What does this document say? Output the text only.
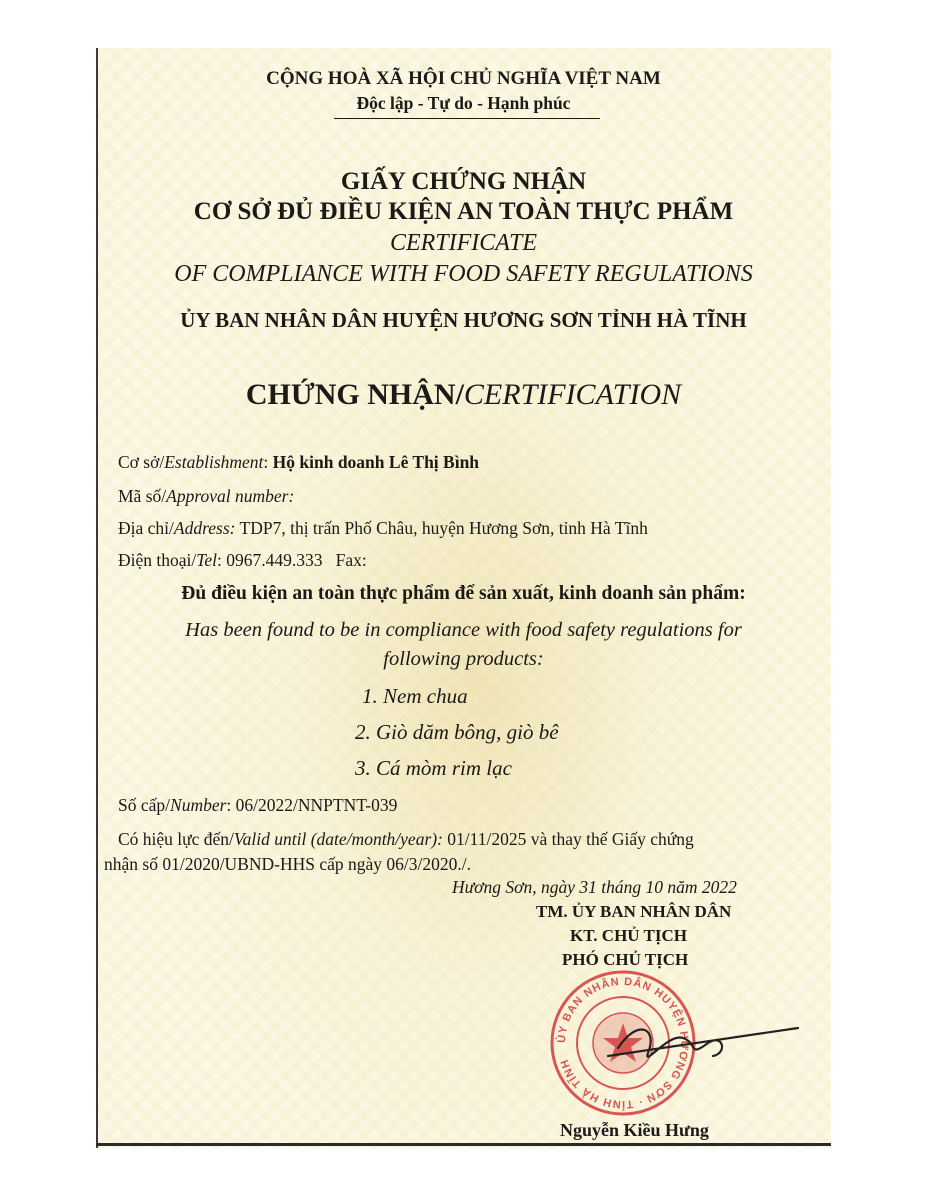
CỘNG HOÀ XÃ HỘI CHỦ NGHĨA VIỆT NAM
Độc lập - Tự do - Hạnh phúc
GIẤY CHỨNG NHẬN
CƠ SỞ ĐỦ ĐIỀU KIỆN AN TOÀN THỰC PHẨM
CERTIFICATE
OF COMPLIANCE WITH FOOD SAFETY REGULATIONS
ỦY BAN NHÂN DÂN HUYỆN HƯƠNG SƠN TỈNH HÀ TĨNH
CHỨNG NHẬN/CERTIFICATION
Cơ sở/Establishment: Hộ kinh doanh Lê Thị Bình
Mã số/Approval number:
Địa chỉ/Address: TDP7, thị trấn Phố Châu, huyện Hương Sơn, tỉnh Hà Tĩnh
Điện thoại/Tel: 0967.449.333 Fax:
Đủ điều kiện an toàn thực phẩm để sản xuất, kinh doanh sản phẩm:
Has been found to be in compliance with food safety regulations for
following products:
1. Nem chua
2. Giò dăm bông, giò bê
3. Cá mòm rim lạc
Số cấp/Number: 06/2022/NNPTNT-039
Có hiệu lực đến/Valid until (date/month/year): 01/11/2025 và thay thế Giấy chứng
nhận số 01/2020/UBND-HHS cấp ngày 06/3/2020./.
Hương Sơn, ngày 31 tháng 10 năm 2022
TM. ỦY BAN NHÂN DÂN
KT. CHỦ TỊCH
PHÓ CHỦ TỊCH
ỦY BAN NHÂN DÂN HUYỆN HƯƠNG SƠN · TỈNH HÀ TĨNH
Nguyễn Kiều Hưng
